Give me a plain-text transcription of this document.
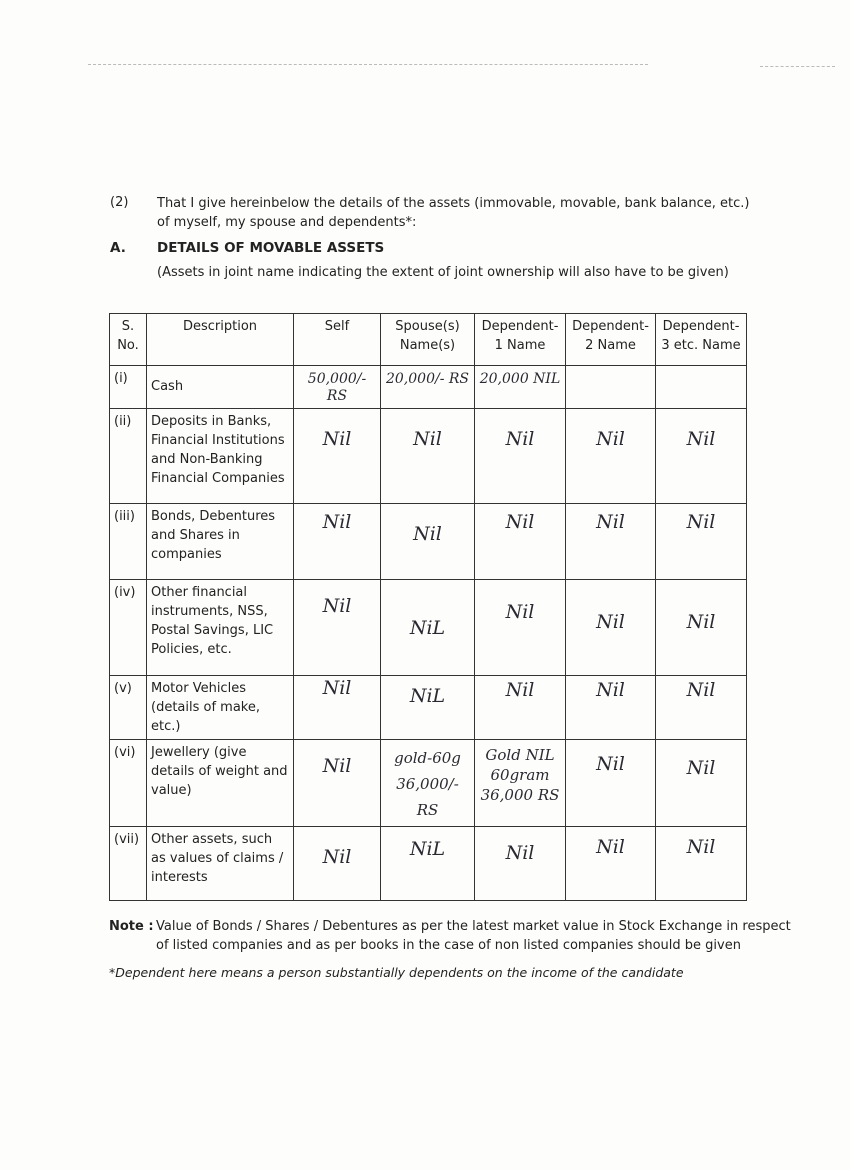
(2) That I give hereinbelow the details of the assets (immovable, movable, bank balance, etc.) of myself, my spouse and dependents*:
A. DETAILS OF MOVABLE ASSETS
(Assets in joint name indicating the extent of joint ownership will also have to be given)
S. No.	Description	Self	Spouse(s) Name(s)	Dependent-1 Name	Dependent-2 Name	Dependent-3 etc. Name
(i)	Cash	50,000/- RS	20,000/- RS	20,000 NIL		

(ii)	Deposits in Banks, Financial Institutions and Non-Banking Financial Companies	Nil	Nil	Nil	Nil	Nil

(iii)	Bonds, Debentures and Shares in companies	Nil	Nil	Nil	Nil	Nil

(iv)	Other financial instruments, NSS, Postal Savings, LIC Policies, etc.	Nil	NiL	Nil	Nil	Nil

(v)	Motor Vehicles (details of make, etc.)	Nil	NiL	Nil	Nil	Nil

(vi)	Jewellery (give details of weight and value)	Nil	gold-60g 36,000/- RS	Gold NIL 60gram 36,000 RS	Nil	Nil

(vii)	Other assets, such as values of claims / interests	Nil	NiL	Nil	Nil	Nil
Note : Value of Bonds / Shares / Debentures as per the latest market value in Stock Exchange in respect
of listed companies and as per books in the case of non listed companies should be given
*Dependent here means a person substantially dependents on the income of the candidate
